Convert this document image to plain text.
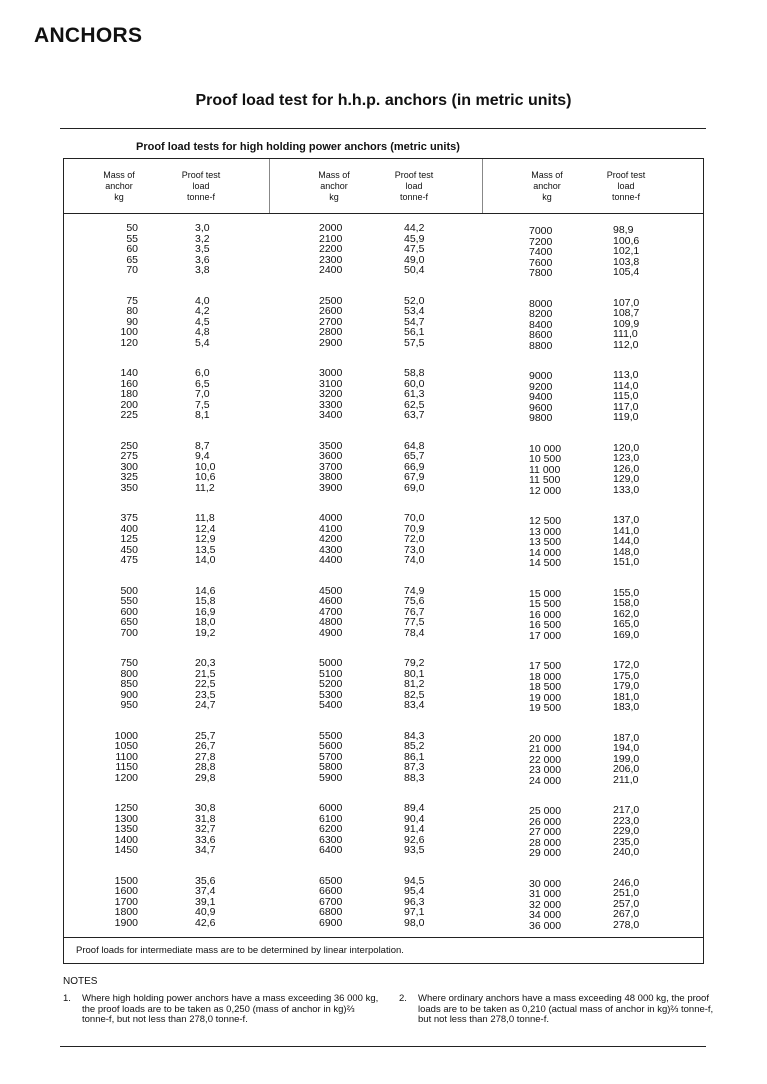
ANCHORS
Proof load test for h.h.p. anchors (in metric units)
Proof load tests for high holding power anchors (metric units)
Mass of
anchor
kg
Proof test
load
tonne-f
Mass of
anchor
kg
Proof test
load
tonne-f
Mass of
anchor
kg
Proof test
load
tonne-f
50	3,0	2000	44,2	7000	98,9
55	3,2	2100	45,9	7200	100,6
60	3,5	2200	47,5	7400	102,1
65	3,6	2300	49,0	7600	103,8
70	3,8	2400	50,4	7800	105,4
75	4,0	2500	52,0	8000	107,0
80	4,2	2600	53,4	8200	108,7
90	4,5	2700	54,7	8400	109,9
100	4,8	2800	56,1	8600	111,0
120	5,4	2900	57,5	8800	112,0
140	6,0	3000	58,8	9000	113,0
160	6,5	3100	60,0	9200	114,0
180	7,0	3200	61,3	9400	115,0
200	7,5	3300	62,5	9600	117,0
225	8,1	3400	63,7	9800	119,0
250	8,7	3500	64,8	10 000	120,0
275	9,4	3600	65,7	10 500	123,0
300	10,0	3700	66,9	11 000	126,0
325	10,6	3800	67,9	11 500	129,0
350	11,2	3900	69,0	12 000	133,0
375	11,8	4000	70,0	12 500	137,0
400	12,4	4100	70,9	13 000	141,0
125	12,9	4200	72,0	13 500	144,0
450	13,5	4300	73,0	14 000	148,0
475	14,0	4400	74,0	14 500	151,0
500	14,6	4500	74,9	15 000	155,0
550	15,8	4600	75,6	15 500	158,0
600	16,9	4700	76,7	16 000	162,0
650	18,0	4800	77,5	16 500	165,0
700	19,2	4900	78,4	17 000	169,0
750	20,3	5000	79,2	17 500	172,0
800	21,5	5100	80,1	18 000	175,0
850	22,5	5200	81,2	18 500	179,0
900	23,5	5300	82,5	19 000	181,0
950	24,7	5400	83,4	19 500	183,0
1000	25,7	5500	84,3	20 000	187,0
1050	26,7	5600	85,2	21 000	194,0
1100	27,8	5700	86,1	22 000	199,0
1150	28,8	5800	87,3	23 000	206,0
1200	29,8	5900	88,3	24 000	211,0
1250	30,8	6000	89,4	25 000	217,0
1300	31,8	6100	90,4	26 000	223,0
1350	32,7	6200	91,4	27 000	229,0
1400	33,6	6300	92,6	28 000	235,0
1450	34,7	6400	93,5	29 000	240,0
1500	35,6	6500	94,5	30 000	246,0
1600	37,4	6600	95,4	31 000	251,0
1700	39,1	6700	96,3	32 000	257,0
1800	40,9	6800	97,1	34 000	267,0
1900	42,6	6900	98,0	36 000	278,0
Proof loads for intermediate mass are to be determined by linear interpolation.
NOTES
1. Where high holding power anchors have a mass exceeding 36 000 kg, the proof loads are to be taken as 0,250 (mass of anchor in kg)⅔ tonne-f, but not less than 278,0 tonne-f.
2. Where ordinary anchors have a mass exceeding 48 000 kg, the proof loads are to be taken as 0,210 (actual mass of anchor in kg)⅔ tonne-f, but not less than 278,0 tonne-f.
